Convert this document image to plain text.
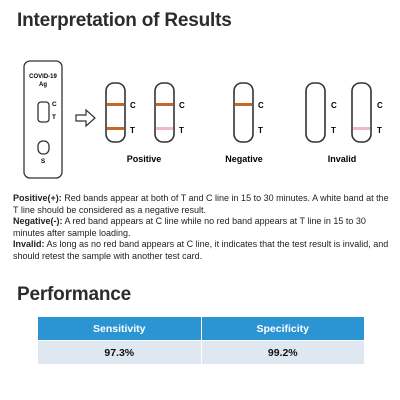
Interpretation of Results
COVID-19
Ag
C
T
S
C
T
C
T
Positive
C
T
Negative
C
T
C
T
Invalid

Positive(+): Red bands appear at both of T and C line in 15 to 30 minutes. A white band at the T line should be considered as a negative result.

Negative(-): A red band appears at C line while no red band appears at T line in 15 to 30 minutes after sample loading.

Invalid: As long as no red band appears at C line, it indicates that the test result is invalid, and should retest the sample with another test card.

Performance
Sensitivity	Specificity
97.3%	99.2%
